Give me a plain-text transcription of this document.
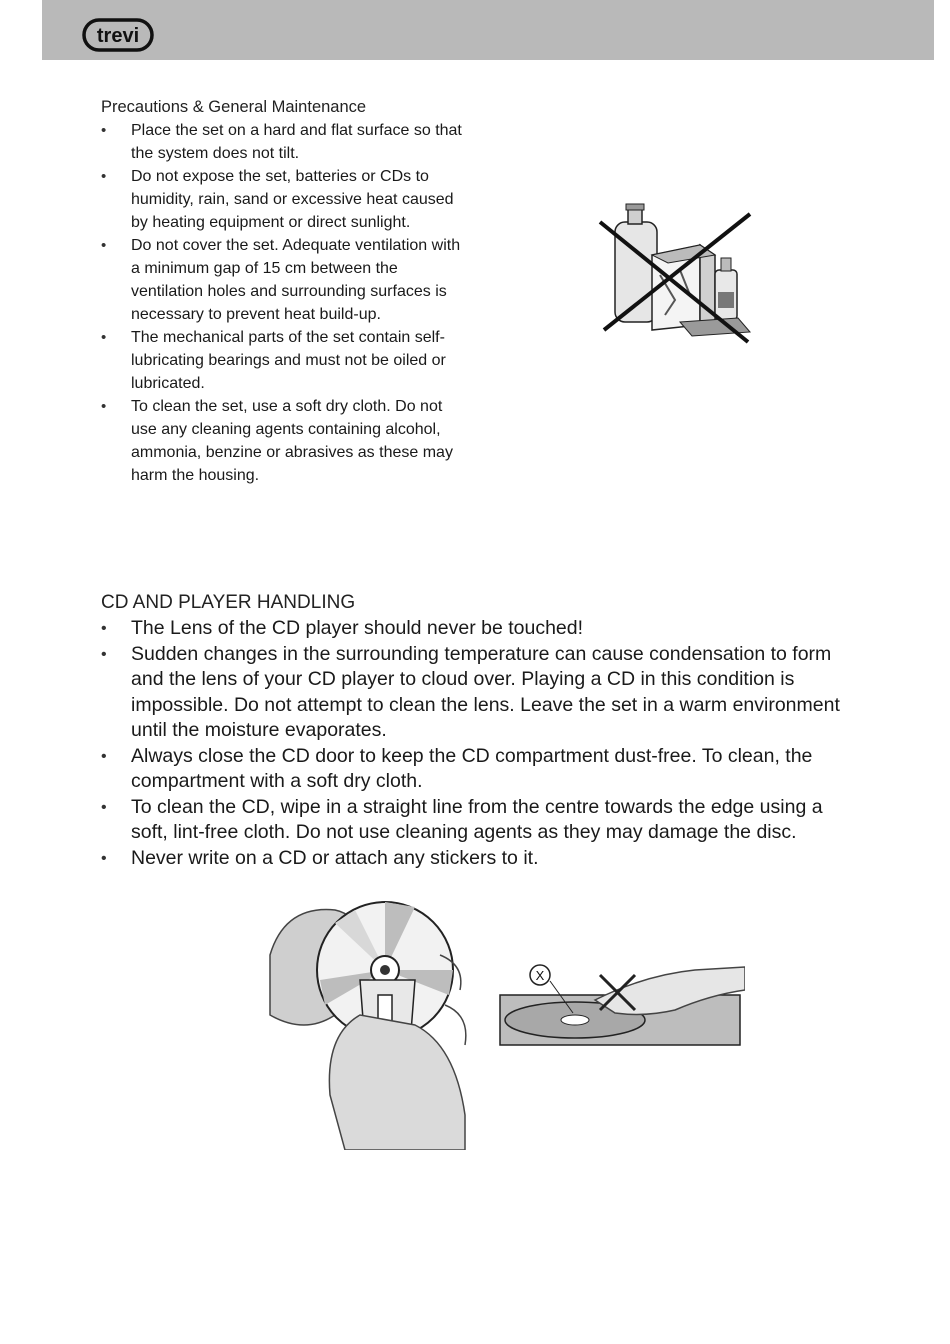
trevi
Precautions & General Maintenance
• Place the set on a hard and flat surface so that the system does not tilt.
• Do not expose the set, batteries or CDs to humidity, rain, sand or excessive heat caused by heating equipment or direct sunlight.
• Do not cover the set. Adequate ventilation with a minimum gap of 15 cm between the ventilation holes and surrounding surfaces is necessary to prevent heat build-up.
• The mechanical parts of the set contain self-lubricating bearings and must not be oiled or lubricated.
• To clean the set, use a soft dry cloth. Do not use any cleaning agents containing alcohol, ammonia, benzine or abrasives as these may harm the housing.
CD AND PLAYER HANDLING
• The Lens of the CD player should never be touched!
• Sudden changes in the surrounding temperature can cause condensation to form and the lens of your CD player to cloud over. Playing a CD in this condition is impossible. Do not attempt to clean the lens. Leave the set in a warm environment until the moisture evaporates.
• Always close the CD door to keep the CD compartment dust-free. To clean, the compartment with a soft dry cloth.
• To clean the CD, wipe in a straight line from the centre towards the edge using a soft, lint-free cloth. Do not use cleaning agents as they may damage the disc.
• Never write on a CD or attach any stickers to it.
X
